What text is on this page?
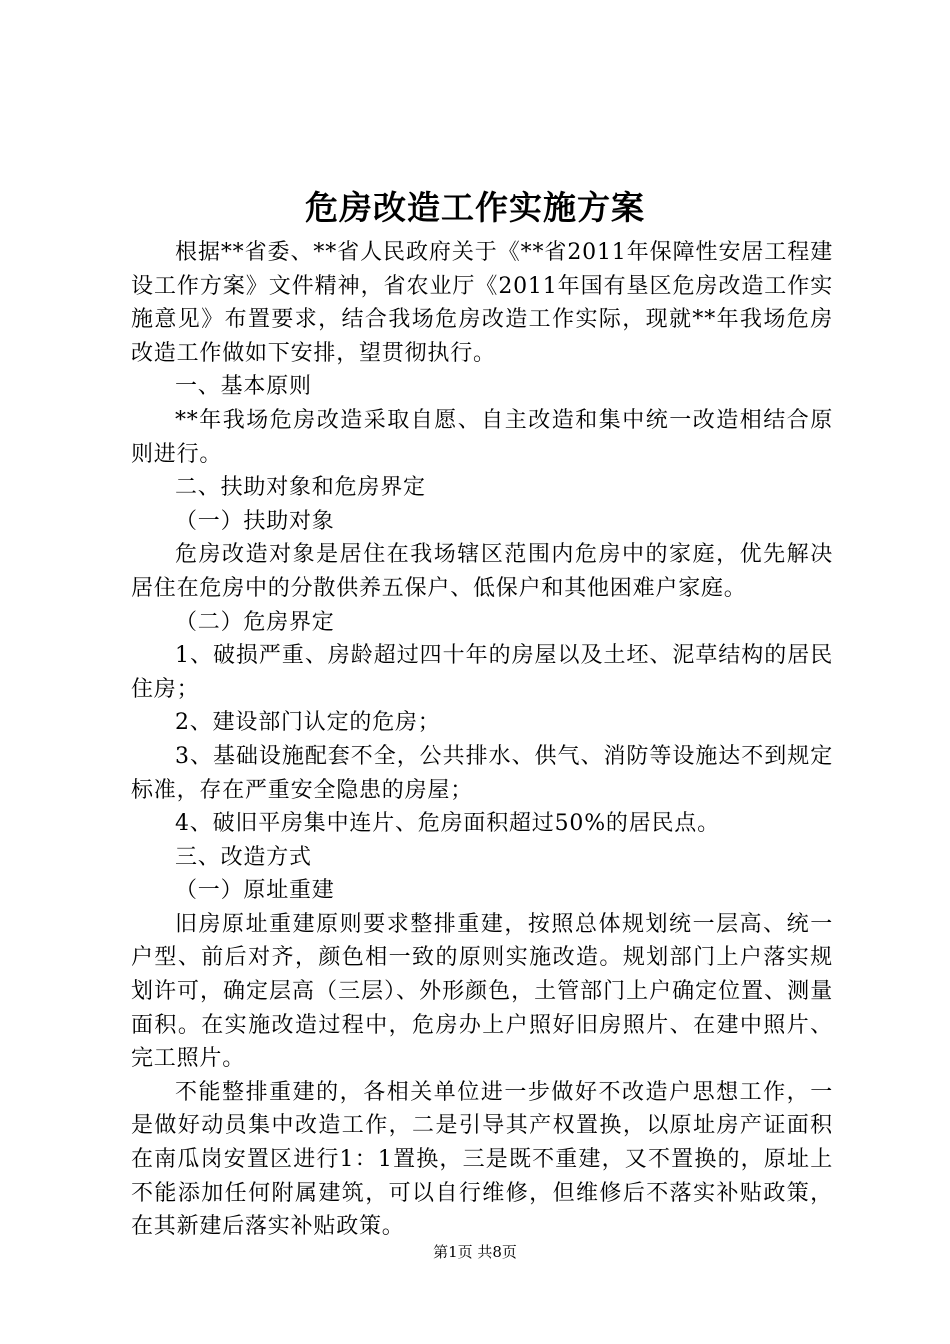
危房改造工作实施方案

根据**省委、**省人民政府关于《**省2011年保障性安居工程建设工作方案》文件精神，省农业厅《2011年国有垦区危房改造工作实施意见》布置要求，结合我场危房改造工作实际，现就**年我场危房改造工作做如下安排，望贯彻执行。

一、基本原则

**年我场危房改造采取自愿、自主改造和集中统一改造相结合原则进行。

二、扶助对象和危房界定

（一）扶助对象

危房改造对象是居住在我场辖区范围内危房中的家庭，优先解决居住在危房中的分散供养五保户、低保户和其他困难户家庭。

（二）危房界定

1、破损严重、房龄超过四十年的房屋以及土坯、泥草结构的居民住房；

2、建设部门认定的危房；

3、基础设施配套不全，公共排水、供气、消防等设施达不到规定标准，存在严重安全隐患的房屋；

4、破旧平房集中连片、危房面积超过50%的居民点。

三、改造方式

（一）原址重建

旧房原址重建原则要求整排重建，按照总体规划统一层高、统一户型、前后对齐，颜色相一致的原则实施改造。规划部门上户落实规划许可，确定层高（三层）、外形颜色，土管部门上户确定位置、测量面积。在实施改造过程中，危房办上户照好旧房照片、在建中照片、完工照片。

不能整排重建的，各相关单位进一步做好不改造户思想工作，一是做好动员集中改造工作，二是引导其产权置换，以原址房产证面积在南瓜岗安置区进行1：1置换，三是既不重建，又不置换的，原址上不能添加任何附属建筑，可以自行维修，但维修后不落实补贴政策，在其新建后落实补贴政策。

第1页 共8页
